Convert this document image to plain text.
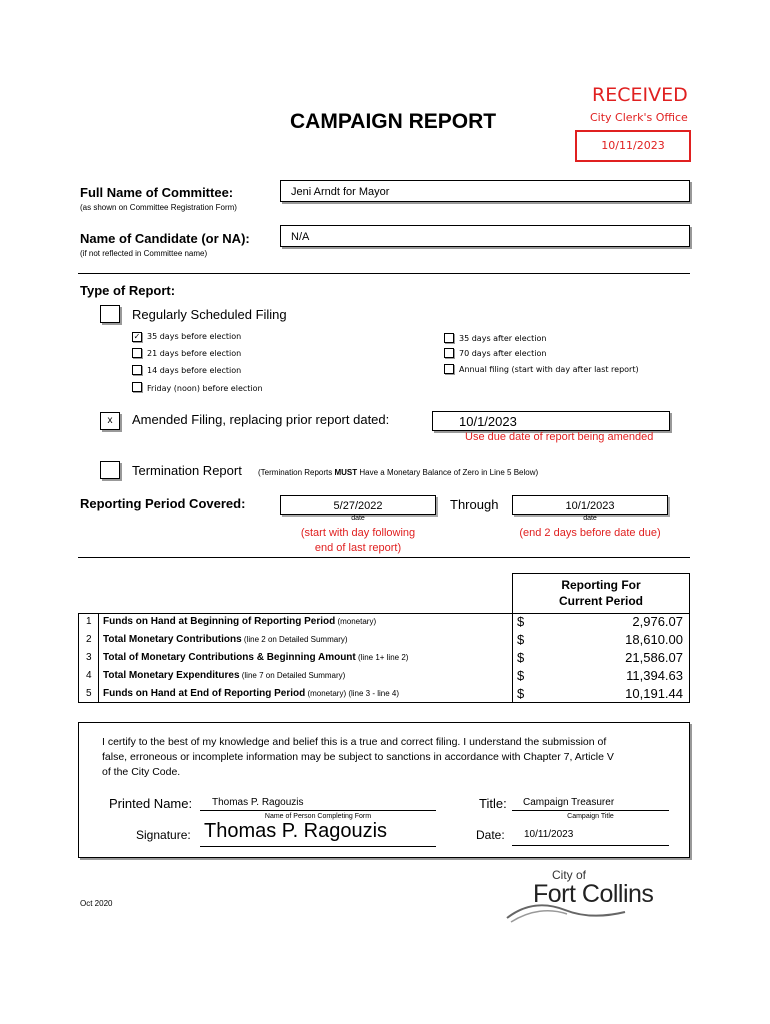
CAMPAIGN REPORT
RECEIVED
City Clerk's Office
10/11/2023
Full Name of Committee:
(as shown on Committee Registration Form)
Jeni Arndt for Mayor
Name of Candidate (or NA):
(if not reflected in Committee name)
N/A
Type of Report:
Regularly Scheduled Filing
✓ 35 days before election
21 days before election
14 days before election
Friday (noon) before election
35 days after election
70 days after election
Annual filing (start with day after last report)
x	Amended Filing, replacing prior report dated:	10/1/2023
Use due date of report being amended
Termination Report (Termination Reports MUST Have a Monetary Balance of Zero in Line 5 Below)
Reporting Period Covered:	5/27/2022
date
(start with day following
end of last report)
Through	10/1/2023
date
(end 2 days before date due)
Reporting For
Current Period
1 Funds on Hand at Beginning of Reporting Period (monetary)	$	2,976.07
2 Total Monetary Contributions (line 2 on Detailed Summary)	$	18,610.00
3 Total of Monetary Contributions & Beginning Amount (line 1+ line 2)	$	21,586.07
4 Total Monetary Expenditures (line 7 on Detailed Summary)	$	11,394.63
5 Funds on Hand at End of Reporting Period (monetary) (line 3 - line 4)	$	10,191.44
I certify to the best of my knowledge and belief this is a true and correct filing. I understand the submission of
false, erroneous or incomplete information may be subject to sanctions in accordance with Chapter 7, Article V
of the City Code.
Printed Name:	Thomas P. Ragouzis
Name of Person Completing Form
Title:	Campaign Treasurer
Campaign Title
Signature: Thomas P. Ragouzis	Date:	10/11/2023
Oct 2020
City of
Fort Collins
